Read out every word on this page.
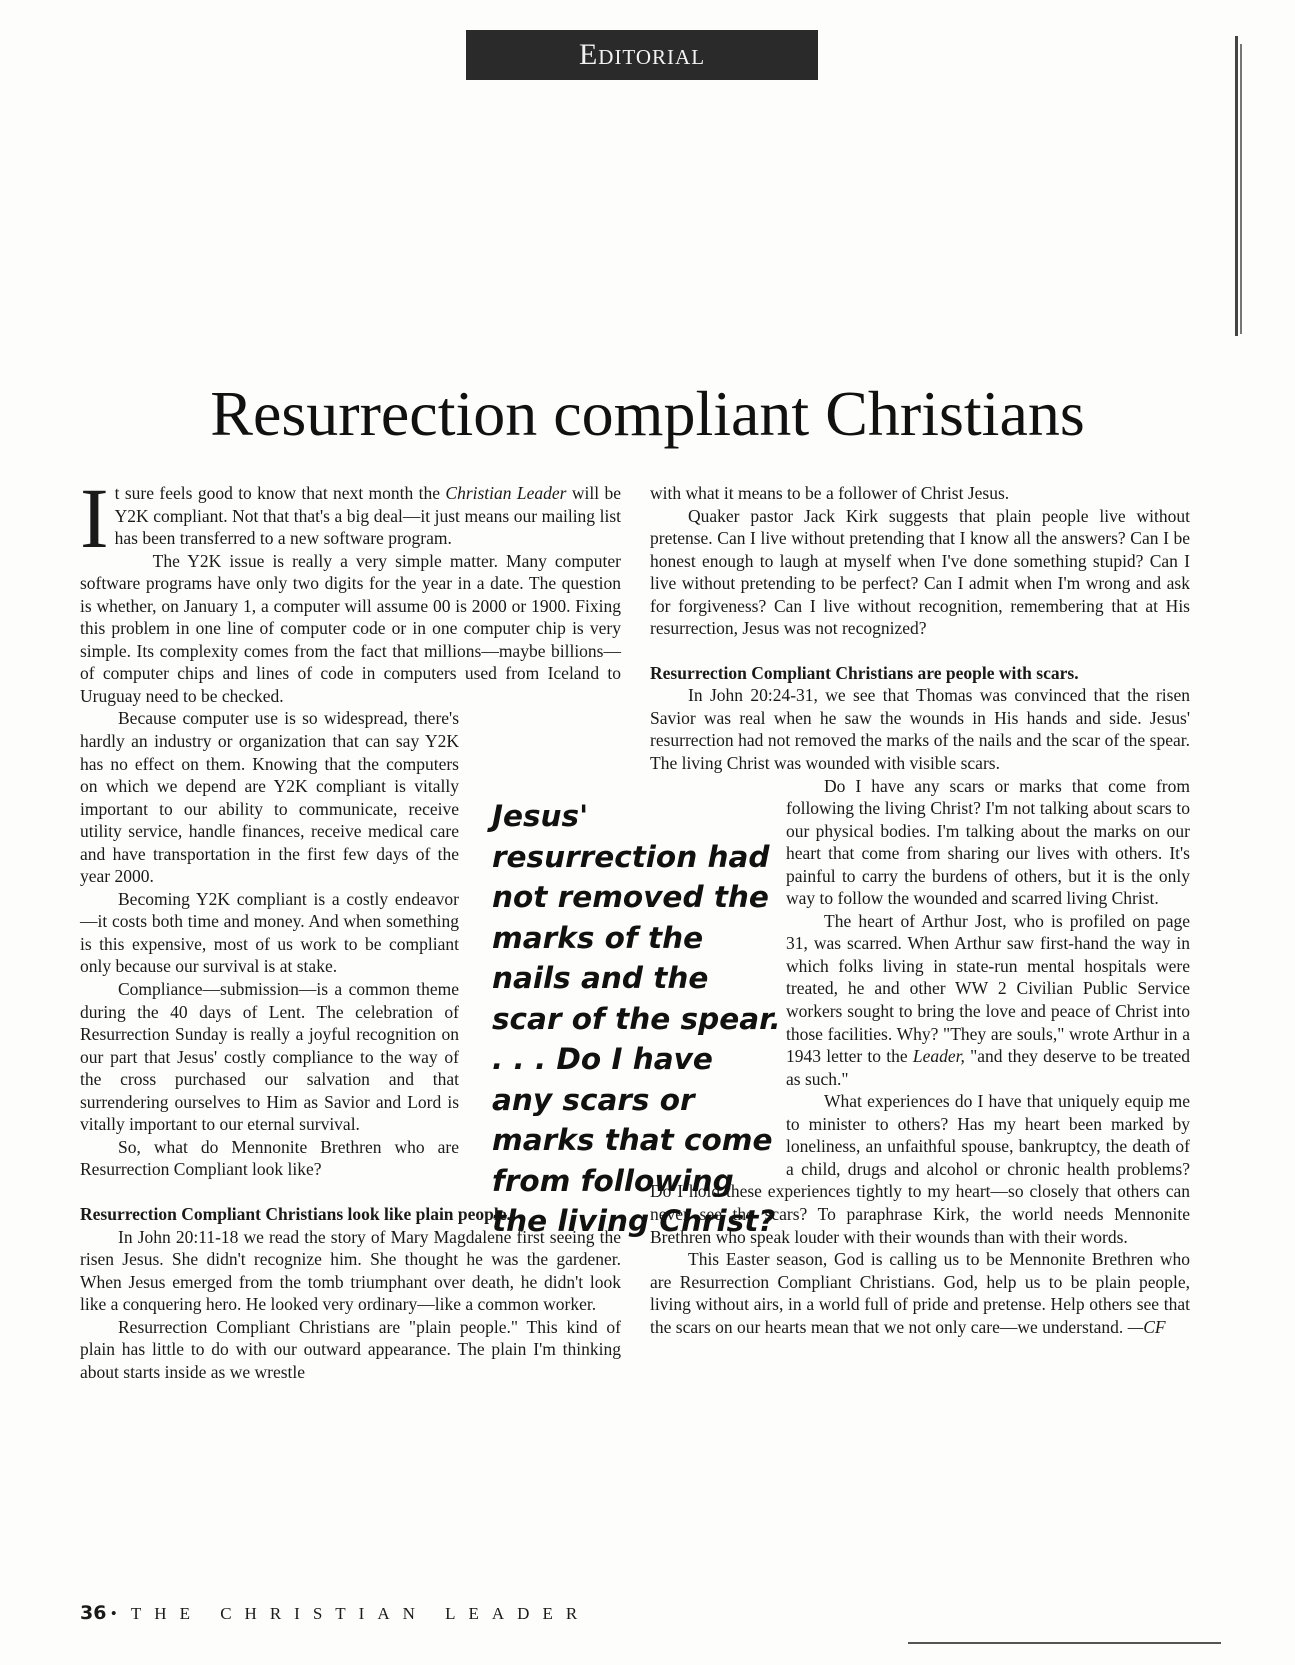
Editorial
Resurrection compliant Christians

It sure feels good to know that next month the Christian Leader will be Y2K compliant. Not that that's a big deal—it just means our mailing list has been transferred to a new software program.

The Y2K issue is really a very simple matter. Many computer software programs have only two digits for the year in a date. The question is whether, on January 1, a computer will assume 00 is 2000 or 1900. Fixing this problem in one line of computer code or in one computer chip is very simple. Its complexity comes from the fact that millions—maybe billions—of computer chips and lines of code in computers used from Iceland to Uruguay need to be checked.

Because computer use is so widespread, there's hardly an industry or organization that can say Y2K has no effect on them. Knowing that the computers on which we depend are Y2K compliant is vitally important to our ability to communicate, receive utility service, handle finances, receive medical care and have transportation in the first few days of the year 2000.

Becoming Y2K compliant is a costly endeavor—it costs both time and money. And when something is this expensive, most of us work to be compliant only because our survival is at stake.

Compliance—submission—is a common theme during the 40 days of Lent. The celebration of Resurrection Sunday is really a joyful recognition on our part that Jesus' costly compliance to the way of the cross purchased our salvation and that surrendering ourselves to Him as Savior and Lord is vitally important to our eternal survival.

So, what do Mennonite Brethren who are Resurrection Compliant look like?

Resurrection Compliant Christians look like plain people.

In John 20:11-18 we read the story of Mary Magdalene first seeing the risen Jesus. She didn't recognize him. She thought he was the gardener. When Jesus emerged from the tomb triumphant over death, he didn't look like a conquering hero. He looked very ordinary—like a common worker.

Resurrection Compliant Christians are "plain people." This kind of plain has little to do with our outward appearance. The plain I'm thinking about starts inside as we wrestle

with what it means to be a follower of Christ Jesus.

Quaker pastor Jack Kirk suggests that plain people live without pretense. Can I live without pretending that I know all the answers? Can I be honest enough to laugh at myself when I've done something stupid? Can I live without pretending to be perfect? Can I admit when I'm wrong and ask for forgiveness? Can I live without recognition, remembering that at His resurrection, Jesus was not recognized?

Resurrection Compliant Christians are people with scars.

In John 20:24-31, we see that Thomas was convinced that the risen Savior was real when he saw the wounds in His hands and side. Jesus' resurrection had not removed the marks of the nails and the scar of the spear. The living Christ was wounded with visible scars.

Do I have any scars or marks that come from following the living Christ? I'm not talking about scars to our physical bodies. I'm talking about the marks on our heart that come from sharing our lives with others. It's painful to carry the burdens of others, but it is the only way to follow the wounded and scarred living Christ.

The heart of Arthur Jost, who is profiled on page 31, was scarred. When Arthur saw first-hand the way in which folks living in state-run mental hospitals were treated, he and other WW 2 Civilian Public Service workers sought to bring the love and peace of Christ into those facilities. Why? "They are souls," wrote Arthur in a 1943 letter to the Leader, "and they deserve to be treated as such."

What experiences do I have that uniquely equip me to minister to others? Has my heart been marked by loneliness, an unfaithful spouse, bankruptcy, the death of a child, drugs and alcohol or chronic health problems? Do I hold these experiences tightly to my heart—so closely that others can never see the scars? To paraphrase Kirk, the world needs Mennonite Brethren who speak louder with their wounds than with their words.

This Easter season, God is calling us to be Mennonite Brethren who are Resurrection Compliant Christians. God, help us to be plain people, living without airs, in a world full of pride and pretense. Help others see that the scars on our hearts mean that we not only care—we understand. —CF

Jesus' resurrection had not removed the marks of the nails and the scar of the spear. . . . Do I have any scars or marks that come from following the living Christ?
36 • THE CHRISTIAN LEADER
